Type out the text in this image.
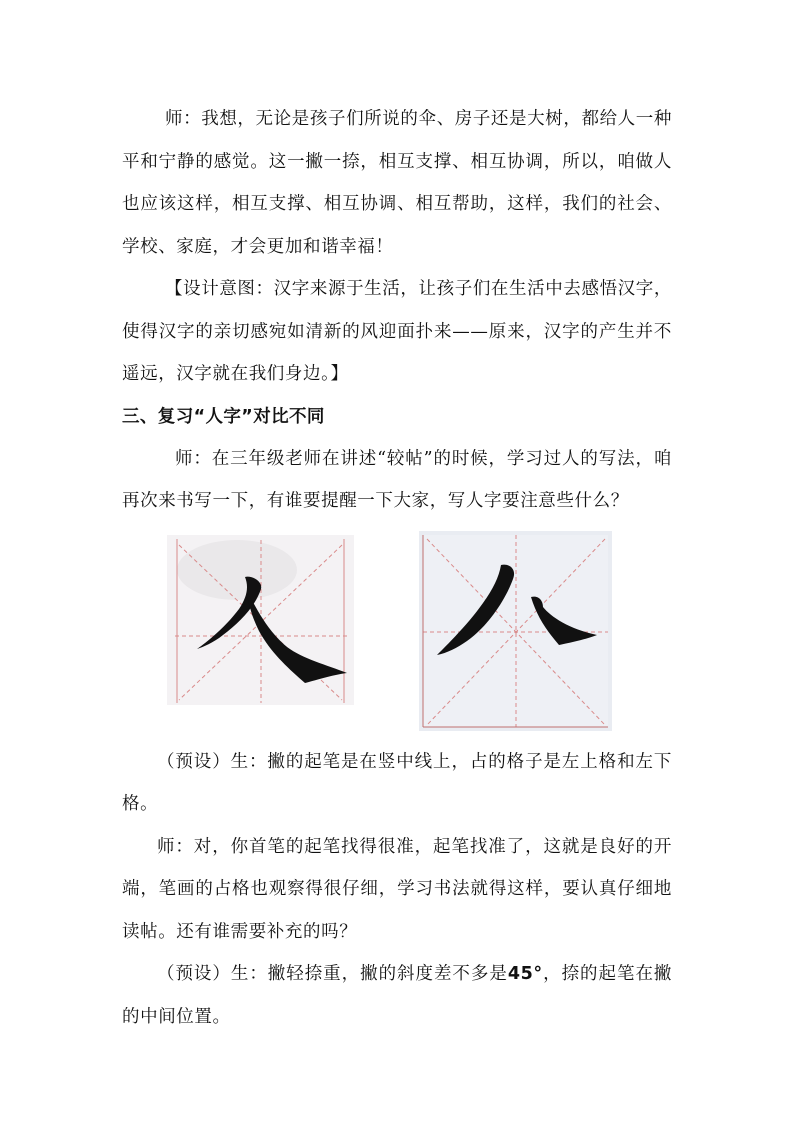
师：我想，无论是孩子们所说的伞、房子还是大树，都给人一种平和宁静的感觉。这一撇一捺，相互支撑、相互协调，所以，咱做人也应该这样，相互支撑、相互协调、相互帮助，这样，我们的社会、学校、家庭，才会更加和谐幸福！

【设计意图：汉字来源于生活，让孩子们在生活中去感悟汉字，使得汉字的亲切感宛如清新的风迎面扑来——原来，汉字的产生并不遥远，汉字就在我们身边。】

三、复习“人字”对比不同

师：在三年级老师在讲述“较帖”的时候，学习过人的写法，咱再次来书写一下，有谁要提醒一下大家，写人字要注意些什么？

（预设）生：撇的起笔是在竖中线上，占的格子是左上格和左下格。

师：对，你首笔的起笔找得很准，起笔找准了，这就是良好的开端，笔画的占格也观察得很仔细，学习书法就得这样，要认真仔细地读帖。还有谁需要补充的吗？

（预设）生：撇轻捺重，撇的斜度差不多是45°，捺的起笔在撇的中间位置。
